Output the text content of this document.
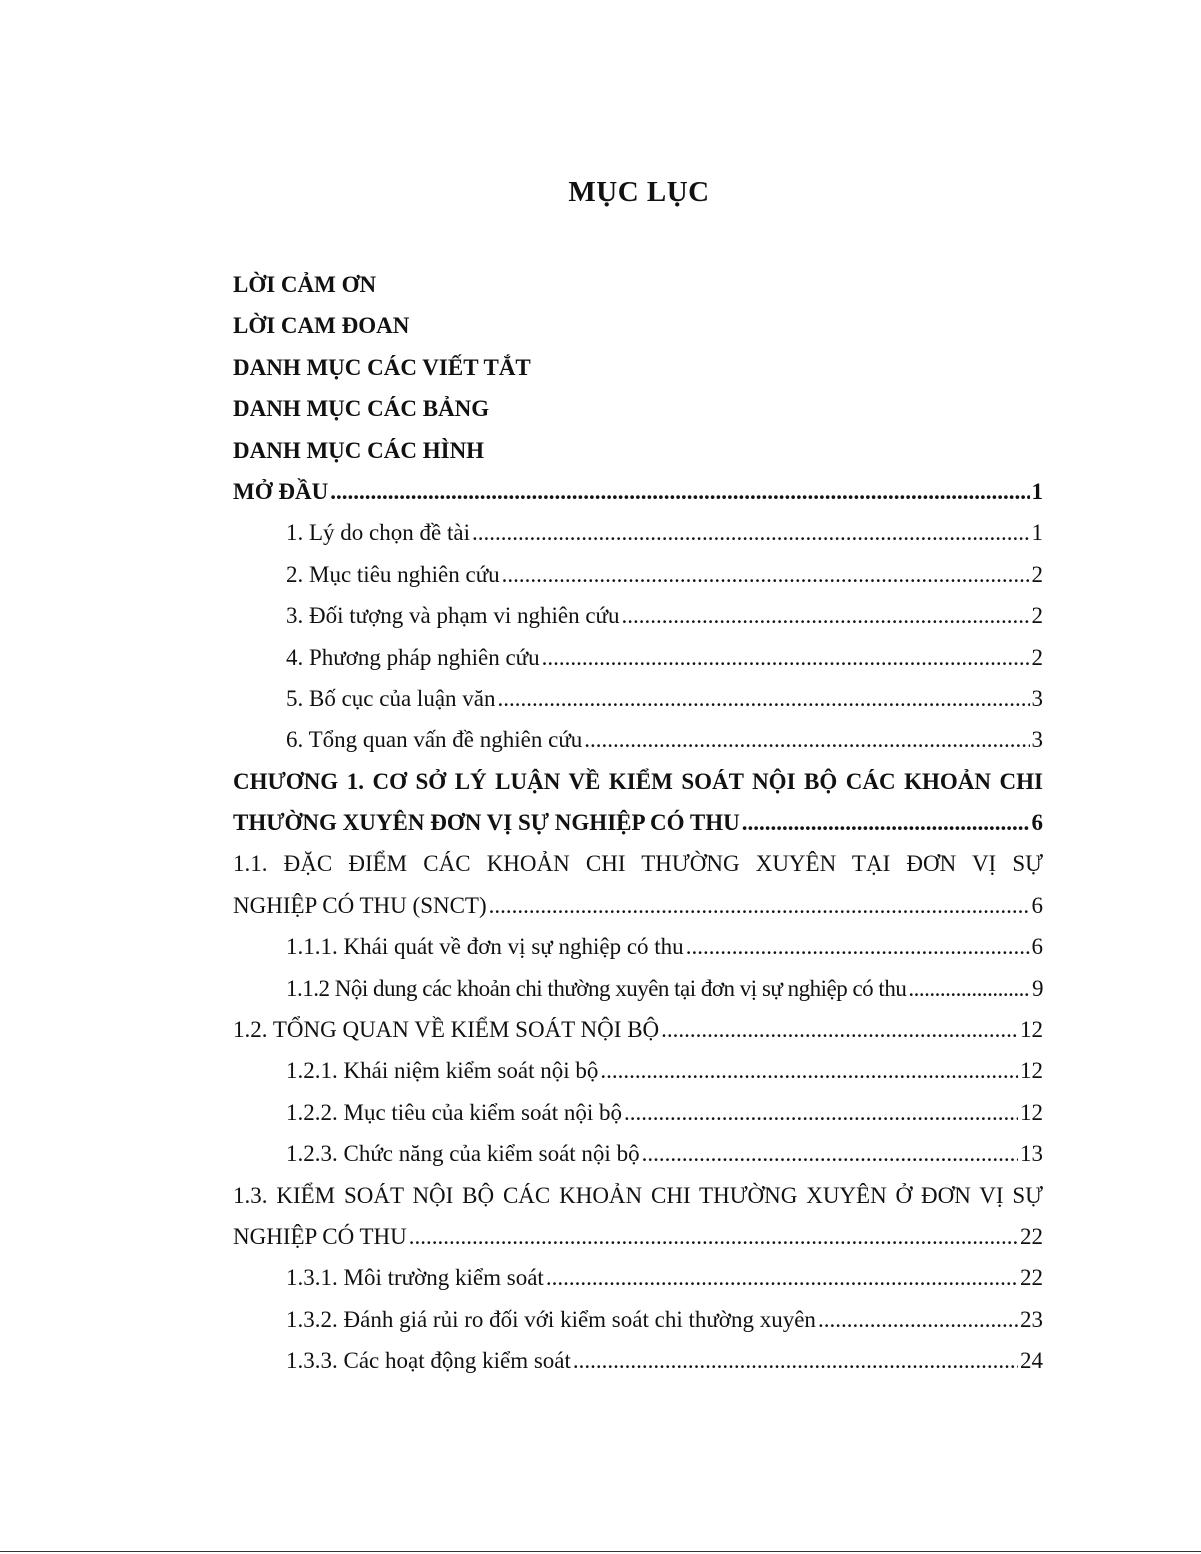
MỤC LỤC
LỜI CẢM ƠN
LỜI CAM ĐOAN
DANH MỤC CÁC VIẾT TẮT
DANH MỤC CÁC BẢNG
DANH MỤC CÁC HÌNH
MỞ ĐẦU .....	1
1. Lý do chọn đề tài .....	1
2. Mục tiêu nghiên cứu .....	2
3. Đối tượng và phạm vi nghiên cứu .....	2
4. Phương pháp nghiên cứu .....	2
5. Bố cục của luận văn .....	3
6. Tổng quan vấn đề nghiên cứu .....	3
CHƯƠNG 1. CƠ SỞ LÝ LUẬN VỀ KIỂM SOÁT NỘI BỘ CÁC KHOẢN CHI
THƯỜNG XUYÊN ĐƠN VỊ SỰ NGHIỆP CÓ THU .....	6
1.1. ĐẶC ĐIỂM CÁC KHOẢN CHI THƯỜNG XUYÊN TẠI ĐƠN VỊ SỰ
NGHIỆP CÓ THU (SNCT) .....	6
1.1.1. Khái quát về đơn vị sự nghiệp có thu .....	6
1.1.2 Nội dung các khoản chi thường xuyên tại đơn vị sự nghiệp có thu .....	9
1.2. TỔNG QUAN VỀ KIỂM SOÁT NỘI BỘ .....	12
1.2.1. Khái niệm kiểm soát nội bộ .....	12
1.2.2. Mục tiêu của kiểm soát nội bộ .....	12
1.2.3. Chức năng của kiểm soát nội bộ .....	13
1.3. KIỂM SOÁT NỘI BỘ CÁC KHOẢN CHI THƯỜNG XUYÊN Ở ĐƠN VỊ SỰ
NGHIỆP CÓ THU .....	22
1.3.1. Môi trường kiểm soát .....	22
1.3.2. Đánh giá rủi ro đối với kiểm soát chi thường xuyên .....	23
1.3.3. Các hoạt động kiểm soát .....	24
